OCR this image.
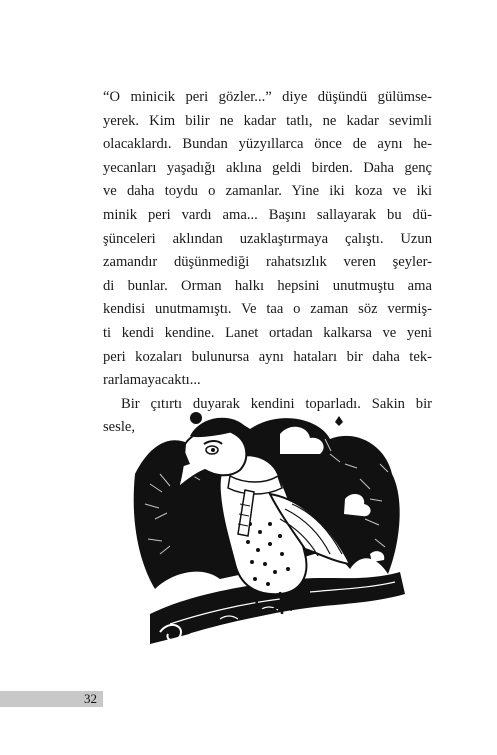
“O minicik peri gözler...” diye düşündü gülümse-
yerek. Kim bilir ne kadar tatlı, ne kadar sevimli
olacaklardı. Bundan yüzyıllarca önce de aynı he-
yecanları yaşadığı aklına geldi birden. Daha genç
ve daha toydu o zamanlar. Yine iki koza ve iki
minik peri vardı ama... Başını sallayarak bu dü-
şünceleri aklından uzaklaştırmaya çalıştı. Uzun
zamandır düşünmediği rahatsızlık veren şeyler-
di bunlar. Orman halkı hepsini unutmuştu ama
kendisi unutmamıştı. Ve taa o zaman söz vermiş-
ti kendi kendine. Lanet ortadan kalkarsa ve yeni
peri kozaları bulunursa aynı hataları bir daha tek-
rarlamayacaktı...
Bir çıtırtı duyarak kendini toparladı. Sakin bir
sesle,
32
